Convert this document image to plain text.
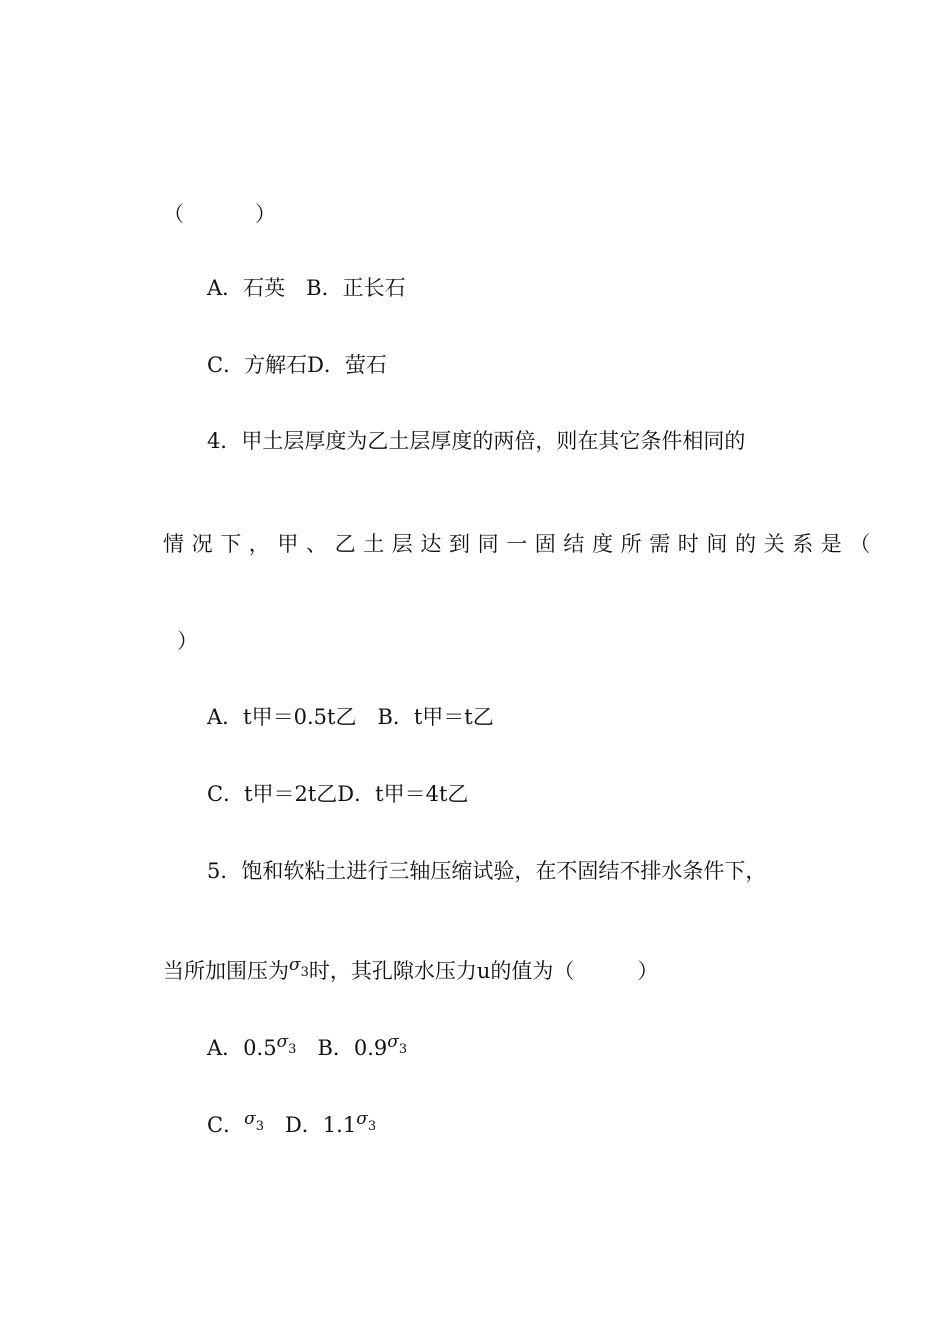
（　　　）
A．石英　B．正长石
C．方解石D．萤石
4．甲土层厚度为乙土层厚度的两倍，则在其它条件相同的
情况下，甲、乙土层达到同一固结度所需时间的关系是（
）
A．t甲＝0.5t乙　B．t甲＝t乙
C．t甲＝2t乙D．t甲＝4t乙
5．饱和软粘土进行三轴压缩试验，在不固结不排水条件下，
当所加围压为$^\sigma$3时，其孔隙水压力u的值为（　　　）
A．$0.5^\sigma 3$　B．$0.9^\sigma 3$
C．$^\sigma$3　D．$1.1^\sigma 3$
